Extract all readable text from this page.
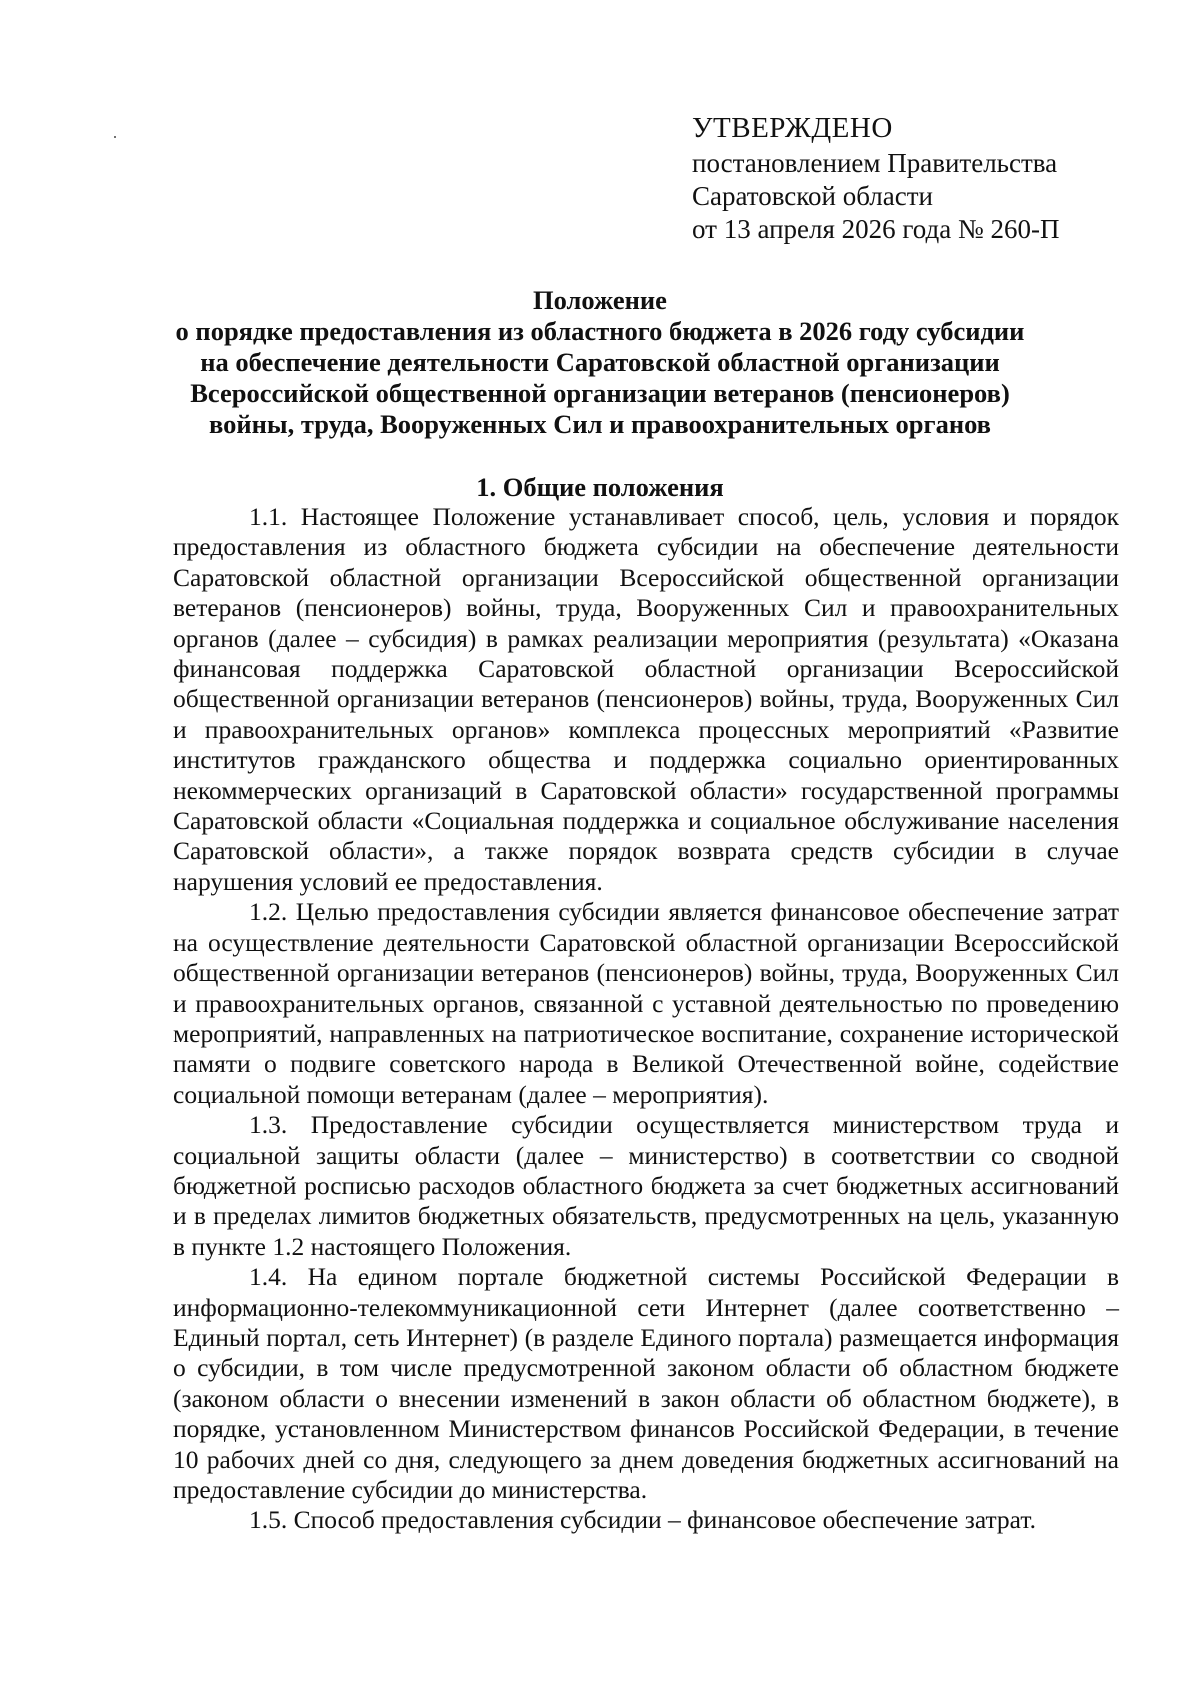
УТВЕРЖДЕНО
постановлением Правительства
Саратовской области
от 13 апреля 2026 года № 260-П
Положение
о порядке предоставления из областного бюджета в 2026 году субсидии
на обеспечение деятельности Саратовской областной организации
Всероссийской общественной организации ветеранов (пенсионеров)
войны, труда, Вооруженных Сил и правоохранительных органов
1. Общие положения

1.1. Настоящее Положение устанавливает способ, цель, условия и порядок предоставления из областного бюджета субсидии на обеспечение деятельности Саратовской областной организации Всероссийской общественной организации ветеранов (пенсионеров) войны, труда, Вооруженных Сил и правоохранительных органов (далее – субсидия) в рамках реализации мероприятия (результата) «Оказана финансовая поддержка Саратовской областной организации Всероссийской общественной организации ветеранов (пенсионеров) войны, труда, Вооруженных Сил и правоохранительных органов» комплекса процессных мероприятий «Развитие институтов гражданского общества и поддержка социально ориентированных некоммерческих организаций в Саратовской области» государственной программы Саратовской области «Социальная поддержка и социальное обслуживание населения Саратовской области», а также порядок возврата средств субсидии в случае нарушения условий ее предоставления.

1.2. Целью предоставления субсидии является финансовое обеспечение затрат на осуществление деятельности Саратовской областной организации Всероссийской общественной организации ветеранов (пенсионеров) войны, труда, Вооруженных Сил и правоохранительных органов, связанной с уставной деятельностью по проведению мероприятий, направленных на патриотическое воспитание, сохранение исторической памяти о подвиге советского народа в Великой Отечественной войне, содействие социальной помощи ветеранам (далее – мероприятия).

1.3. Предоставление субсидии осуществляется министерством труда и социальной защиты области (далее – министерство) в соответствии со сводной бюджетной росписью расходов областного бюджета за счет бюджетных ассигнований и в пределах лимитов бюджетных обязательств, предусмотренных на цель, указанную в пункте 1.2 настоящего Положения.

1.4. На едином портале бюджетной системы Российской Федерации в информационно-телекоммуникационной сети Интернет (далее соответственно – Единый портал, сеть Интернет) (в разделе Единого портала) размещается информация о субсидии, в том числе предусмотренной законом области об областном бюджете (законом области о внесении изменений в закон области об областном бюджете), в порядке, установленном Министерством финансов Российской Федерации, в течение 10 рабочих дней со дня, следующего за днем доведения бюджетных ассигнований на предоставление субсидии до министерства.

1.5. Способ предоставления субсидии – финансовое обеспечение затрат.
